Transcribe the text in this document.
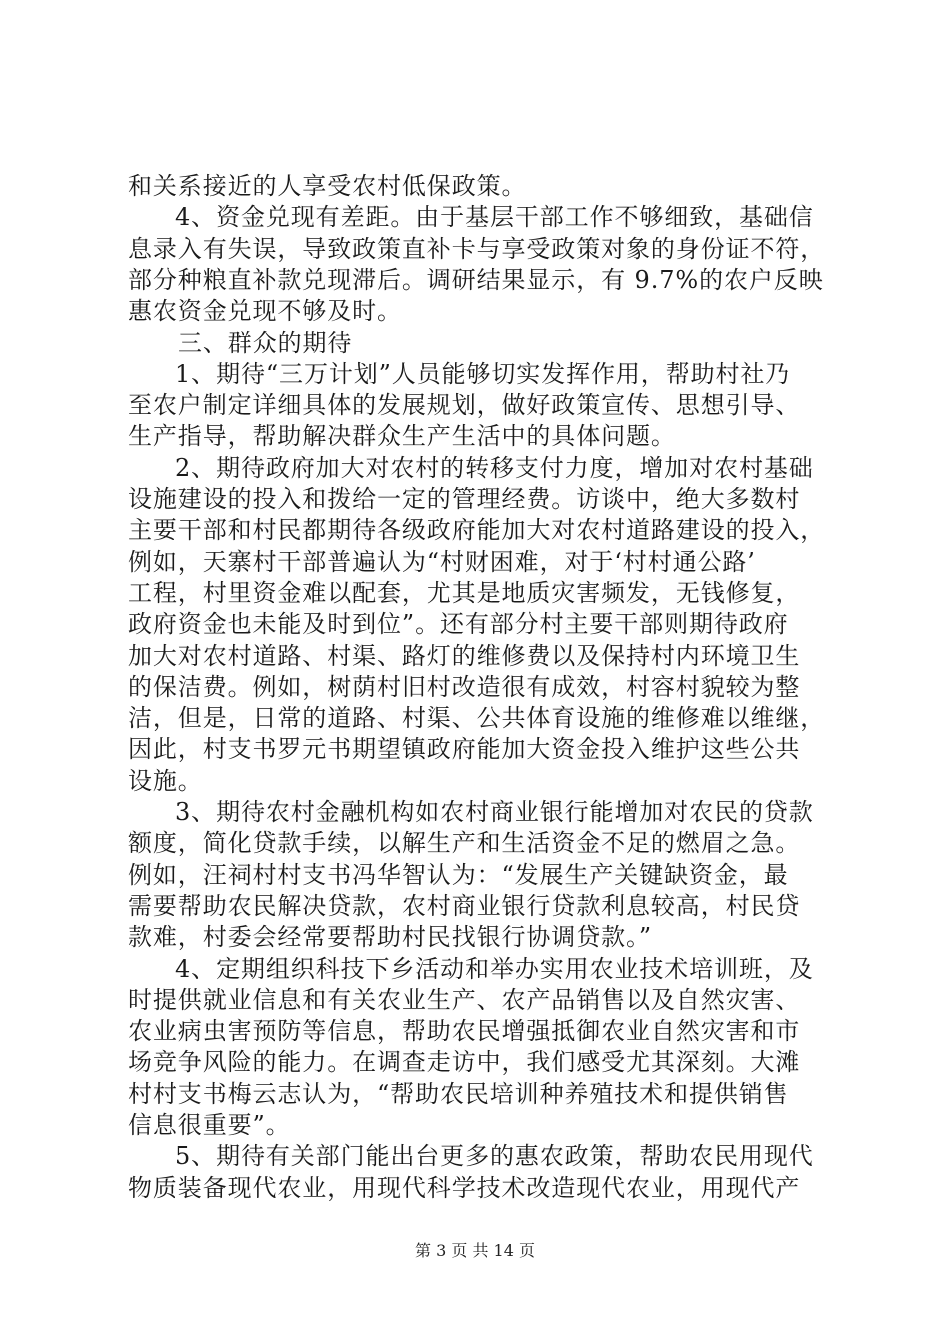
和关系接近的人享受农村低保政策。
4、资金兑现有差距。由于基层干部工作不够细致，基础信
息录入有失误，导致政策直补卡与享受政策对象的身份证不符，
部分种粮直补款兑现滞后。调研结果显示，有 9.7%的农户反映
惠农资金兑现不够及时。
三、群众的期待
1、期待“三万计划”人员能够切实发挥作用，帮助村社乃
至农户制定详细具体的发展规划，做好政策宣传、思想引导、
生产指导，帮助解决群众生产生活中的具体问题。
2、期待政府加大对农村的转移支付力度，增加对农村基础
设施建设的投入和拨给一定的管理经费。访谈中，绝大多数村
主要干部和村民都期待各级政府能加大对农村道路建设的投入，
例如，天寨村干部普遍认为“村财困难，对于‘村村通公路’
工程，村里资金难以配套，尤其是地质灾害频发，无钱修复，
政府资金也未能及时到位”。还有部分村主要干部则期待政府
加大对农村道路、村渠、路灯的维修费以及保持村内环境卫生
的保洁费。例如，树荫村旧村改造很有成效，村容村貌较为整
洁，但是，日常的道路、村渠、公共体育设施的维修难以维继，
因此，村支书罗元书期望镇政府能加大资金投入维护这些公共
设施。
3、期待农村金融机构如农村商业银行能增加对农民的贷款
额度，简化贷款手续，以解生产和生活资金不足的燃眉之急。
例如，汪祠村村支书冯华智认为：“发展生产关键缺资金，最
需要帮助农民解决贷款，农村商业银行贷款利息较高，村民贷
款难，村委会经常要帮助村民找银行协调贷款。”
4、定期组织科技下乡活动和举办实用农业技术培训班，及
时提供就业信息和有关农业生产、农产品销售以及自然灾害、
农业病虫害预防等信息，帮助农民增强抵御农业自然灾害和市
场竞争风险的能力。在调查走访中，我们感受尤其深刻。大滩
村村支书梅云志认为，“帮助农民培训种养殖技术和提供销售
信息很重要”。
5、期待有关部门能出台更多的惠农政策，帮助农民用现代
物质装备现代农业，用现代科学技术改造现代农业，用现代产
第 3 页 共 14 页
